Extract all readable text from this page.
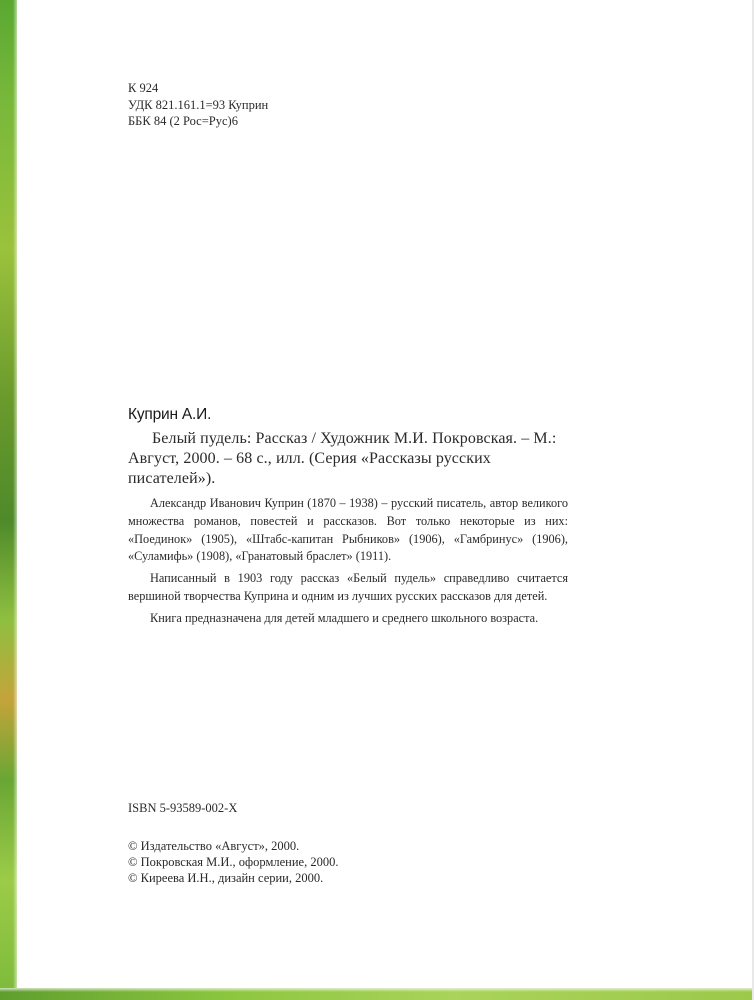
К 924
УДК 821.161.1=93 Куприн
ББК 84 (2 Рос=Рус)6
Куприн А.И.
Белый пудель: Рассказ / Художник М.И. Покровская. – М.: Август, 2000. – 68 с., илл. (Серия «Рассказы русских писателей»).

Александр Иванович Куприн (1870 – 1938) – русский писатель, автор великого множества романов, повестей и рассказов. Вот только некоторые из них: «Поединок» (1905), «Штабс-капитан Рыбников» (1906), «Гамбринус» (1906), «Суламифь» (1908), «Гранатовый браслет» (1911).

Написанный в 1903 году рассказ «Белый пудель» справедливо считается вершиной творчества Куприна и одним из лучших русских рассказов для детей.

Книга предназначена для детей младшего и среднего школьного возраста.

ISBN 5-93589-002-X
© Издательство «Август», 2000.
© Покровская М.И., оформление, 2000.
© Киреева И.Н., дизайн серии, 2000.
